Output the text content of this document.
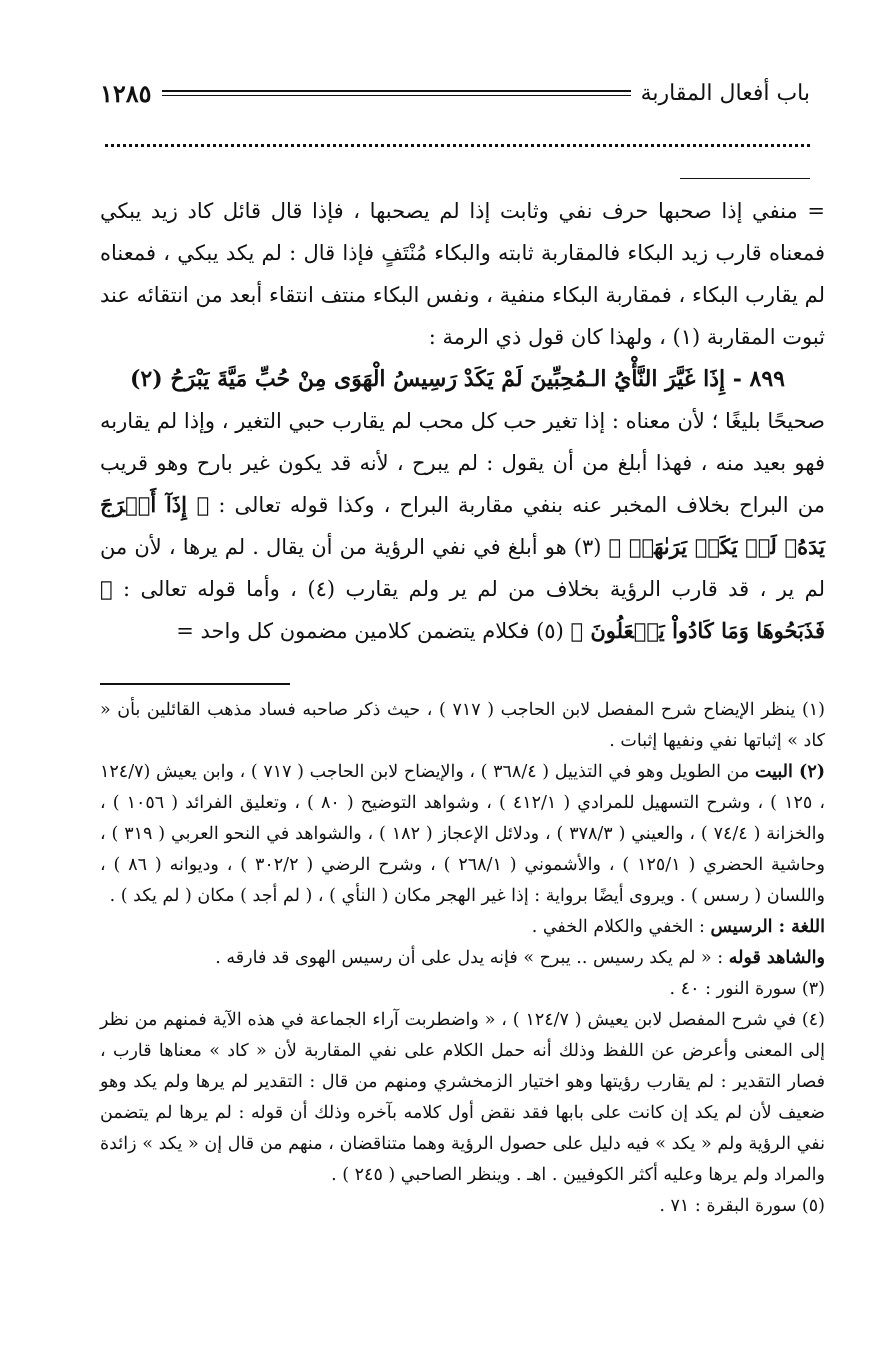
باب أفعال المقاربة
١٢٨٥

= منفي إذا صحبها حرف نفي وثابت إذا لم يصحبها ، فإذا قال قائل كاد زيد يبكي فمعناه قارب زيد البكاء فالمقاربة ثابته والبكاء مُنْتَفٍ فإذا قال : لم يكد يبكي ، فمعناه لم يقارب البكاء ، فمقاربة البكاء منفية ، ونفس البكاء منتف انتقاء أبعد من انتقائه عند ثبوت المقاربة (١) ، ولهذا كان قول ذي الرمة :

٨٩٩ - إِذَا غَيَّرَ النَّأْيُ الـمُحِبِّينَ لَمْ يَكَدْ
رَسِيسُ الْهَوَى مِنْ حُبِّ مَيَّةَ يَبْرَحُ (٢)

صحيحًا بليغًا ؛ لأن معناه : إذا تغير حب كل محب لم يقارب حبي التغير ، وإذا لم يقاربه فهو بعيد منه ، فهذا أبلغ من أن يقول : لم يبرح ، لأنه قد يكون غير بارح وهو قريب من البراح بخلاف المخبر عنه بنفي مقاربة البراح ، وكذا قوله تعالى : ﴿ إِذَآ أَخۡرَجَ يَدَهُۥ لَمۡ يَكَدۡ يَرَىٰهَاۗ ﴾ (٣) هو أبلغ في نفي الرؤية من أن يقال . لم يرها ، لأن من لم ير ، قد قارب الرؤية بخلاف من لم ير ولم يقارب (٤) ، وأما قوله تعالى : ﴿ فَذَبَحُوهَا وَمَا كَادُواْ يَفۡعَلُونَ ﴾ (٥) فكلام يتضمن كلامين مضمون كل واحد =

(١) ينظر الإيضاح شرح المفصل لابن الحاجب ( ٧١٧ ) ، حيث ذكر صاحبه فساد مذهب القائلين بأن « كاد » إثباتها نفي ونفيها إثبات .

(٢) البيت من الطويل وهو في التذييل ( ٣٦٨/٤ ) ، والإيضاح لابن الحاجب ( ٧١٧ ) ، وابن يعيش (١٢٤/٧ ، ١٢٥ ) ، وشرح التسهيل للمرادي ( ٤١٢/١ ) ، وشواهد التوضيح ( ٨٠ ) ، وتعليق الفرائد ( ١٠٥٦ ) ، والخزانة ( ٧٤/٤ ) ، والعيني ( ٣٧٨/٣ ) ، ودلائل الإعجاز ( ١٨٢ ) ، والشواهد في النحو العربي ( ٣١٩ ) ، وحاشية الحضري ( ١٢٥/١ ) ، والأشموني ( ٢٦٨/١ ) ، وشرح الرضي ( ٣٠٢/٢ ) ، وديوانه ( ٨٦ ) ، واللسان ( رسس ) . ويروى أيضًا برواية : إذا غير الهجر مكان ( النأي ) ، ( لم أجد ) مكان ( لم يكد ) .

اللغة : الرسيس : الخفي والكلام الخفي .

والشاهد قوله : « لم يكد رسيس .. يبرح » فإنه يدل على أن رسيس الهوى قد فارقه .

(٣) سورة النور : ٤٠ .

(٤) في شرح المفصل لابن يعيش ( ١٢٤/٧ ) ، « واضطربت آراء الجماعة في هذه الآية فمنهم من نظر إلى المعنى وأعرض عن اللفظ وذلك أنه حمل الكلام على نفي المقاربة لأن « كاد » معناها قارب ، فصار التقدير : لم يقارب رؤيتها وهو اختيار الزمخشري ومنهم من قال : التقدير لم يرها ولم يكد وهو ضعيف لأن لم يكد إن كانت على بابها فقد نقض أول كلامه بآخره وذلك أن قوله : لم يرها لم يتضمن نفي الرؤية ولم « يكد » فيه دليل على حصول الرؤية وهما متناقضان ، منهم من قال إن « يكد » زائدة والمراد ولم يرها وعليه أكثر الكوفيين . اهـ . وينظر الصاحبي ( ٢٤٥ ) .

(٥) سورة البقرة : ٧١ .
